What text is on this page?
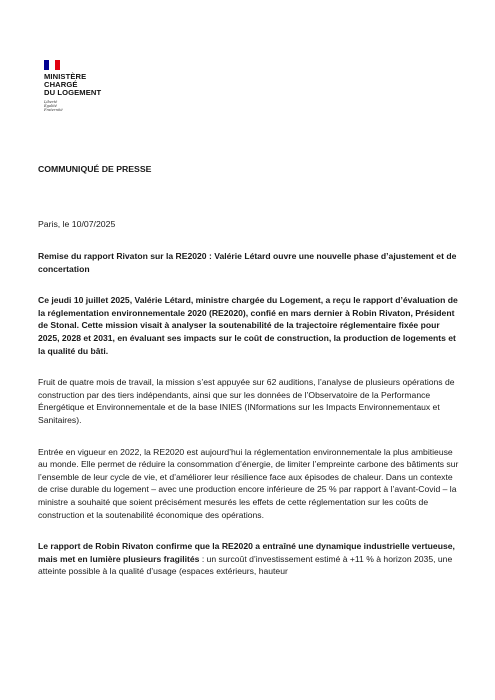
MINISTÈRE
CHARGÉ
DU LOGEMENT
Liberté
Égalité
Fraternité
COMMUNIQUÉ DE PRESSE
Paris, le 10/07/2025

Remise du rapport Rivaton sur la RE2020 : Valérie Létard ouvre une nouvelle phase d’ajustement et de concertation

Ce jeudi 10 juillet 2025, Valérie Létard, ministre chargée du Logement, a reçu le rapport d’évaluation de la réglementation environnementale 2020 (RE2020), confié en mars dernier à Robin Rivaton, Président de Stonal. Cette mission visait à analyser la soutenabilité de la trajectoire réglementaire fixée pour 2025, 2028 et 2031, en évaluant ses impacts sur le coût de construction, la production de logements et la qualité du bâti.

Fruit de quatre mois de travail, la mission s’est appuyée sur 62 auditions, l’analyse de plusieurs opérations de construction par des tiers indépendants, ainsi que sur les données de l’Observatoire de la Performance Énergétique et Environnementale et de la base INIES (INformations sur les Impacts Environnementaux et Sanitaires).

Entrée en vigueur en 2022, la RE2020 est aujourd’hui la réglementation environnementale la plus ambitieuse au monde. Elle permet de réduire la consommation d’énergie, de limiter l’empreinte carbone des bâtiments sur l’ensemble de leur cycle de vie, et d’améliorer leur résilience face aux épisodes de chaleur. Dans un contexte de crise durable du logement – avec une production encore inférieure de 25 % par rapport à l’avant-Covid – la ministre a souhaité que soient précisément mesurés les effets de cette réglementation sur les coûts de construction et la soutenabilité économique des opérations.

Le rapport de Robin Rivaton confirme que la RE2020 a entraîné une dynamique industrielle vertueuse, mais met en lumière plusieurs fragilités : un surcoût d’investissement estimé à +11 % à horizon 2035, une atteinte possible à la qualité d’usage (espaces extérieurs, hauteur
